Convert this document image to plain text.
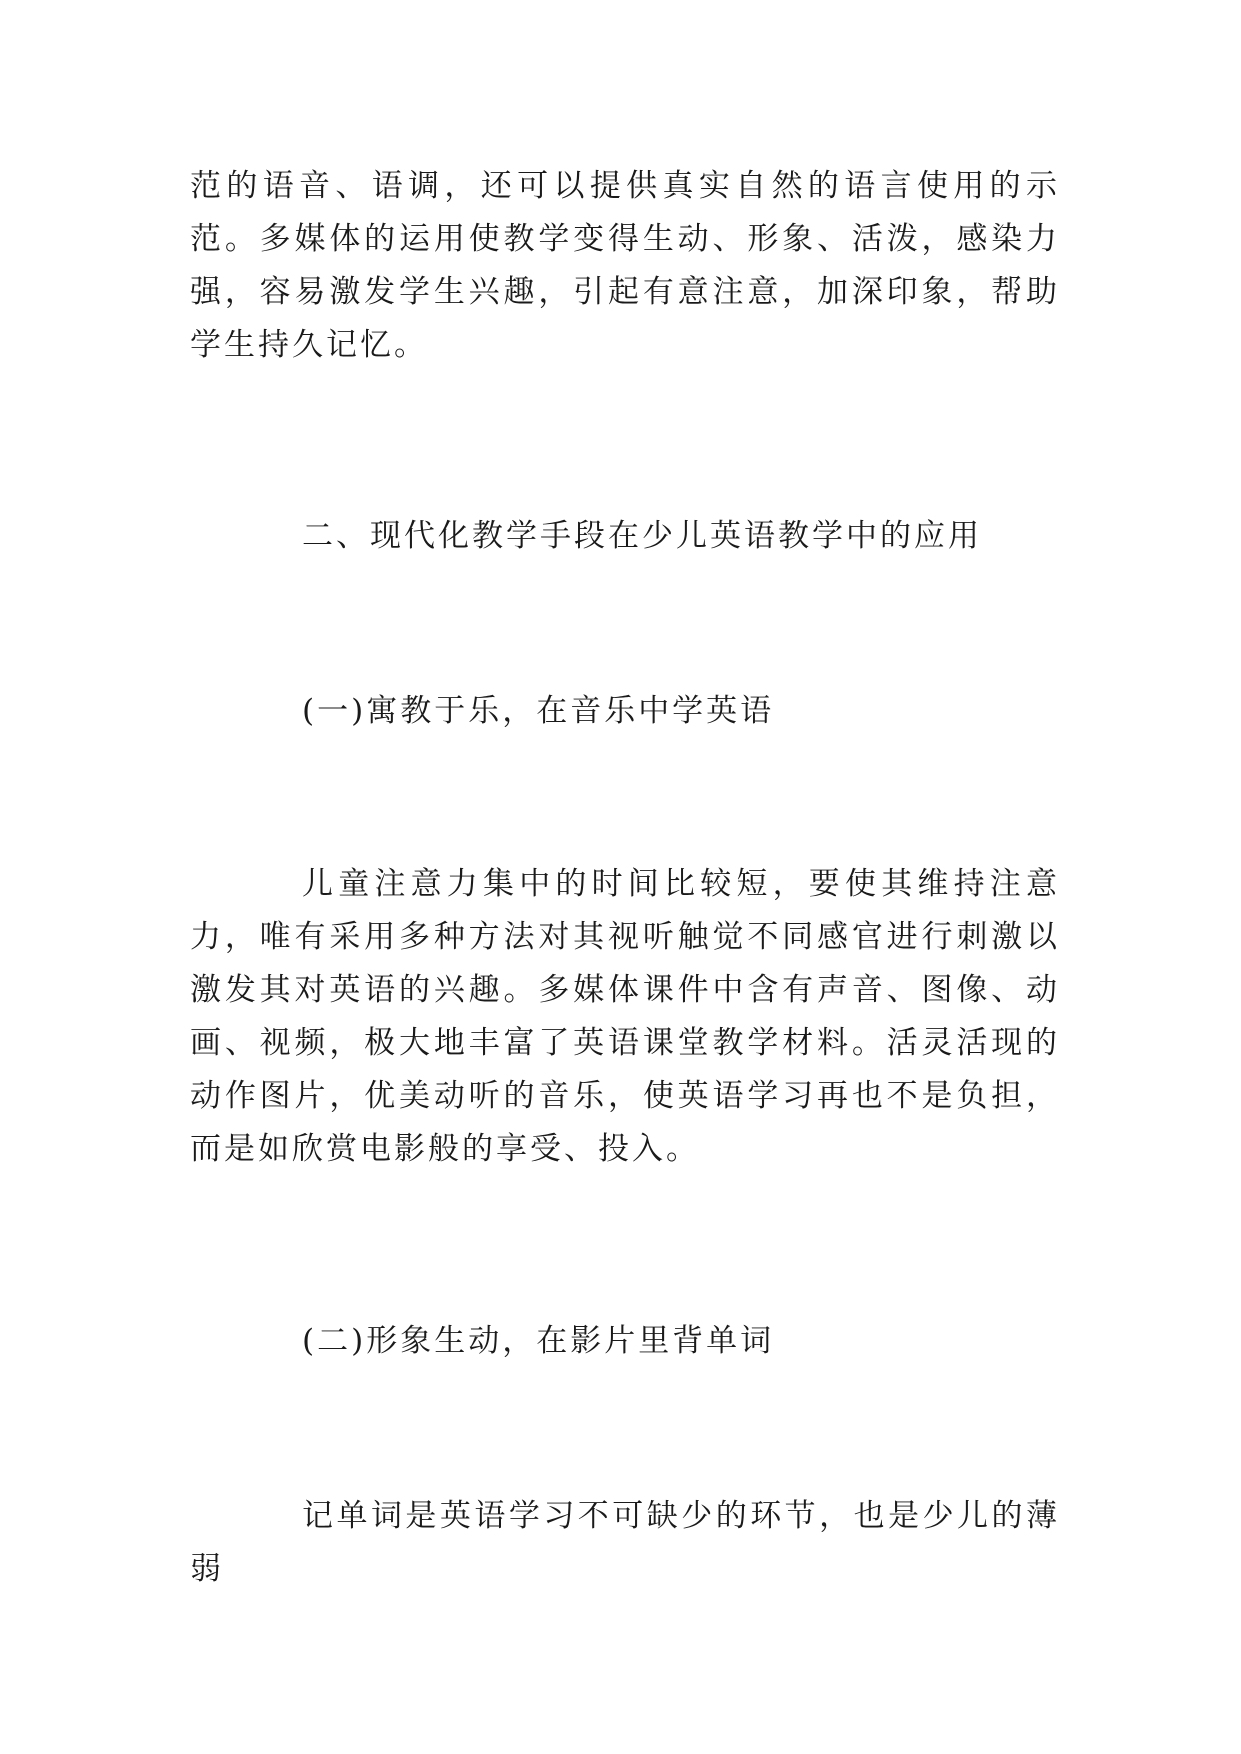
范的语音、语调，还可以提供真实自然的语言使用的示范。多媒体的运用使教学变得生动、形象、活泼，感染力强，容易激发学生兴趣，引起有意注意，加深印象，帮助学生持久记忆。

二、现代化教学手段在少儿英语教学中的应用

(一)寓教于乐，在音乐中学英语

儿童注意力集中的时间比较短，要使其维持注意力，唯有采用多种方法对其视听触觉不同感官进行刺激以激发其对英语的兴趣。多媒体课件中含有声音、图像、动画、视频，极大地丰富了英语课堂教学材料。活灵活现的动作图片，优美动听的音乐，使英语学习再也不是负担，而是如欣赏电影般的享受、投入。

(二)形象生动，在影片里背单词

记单词是英语学习不可缺少的环节，也是少儿的薄弱
